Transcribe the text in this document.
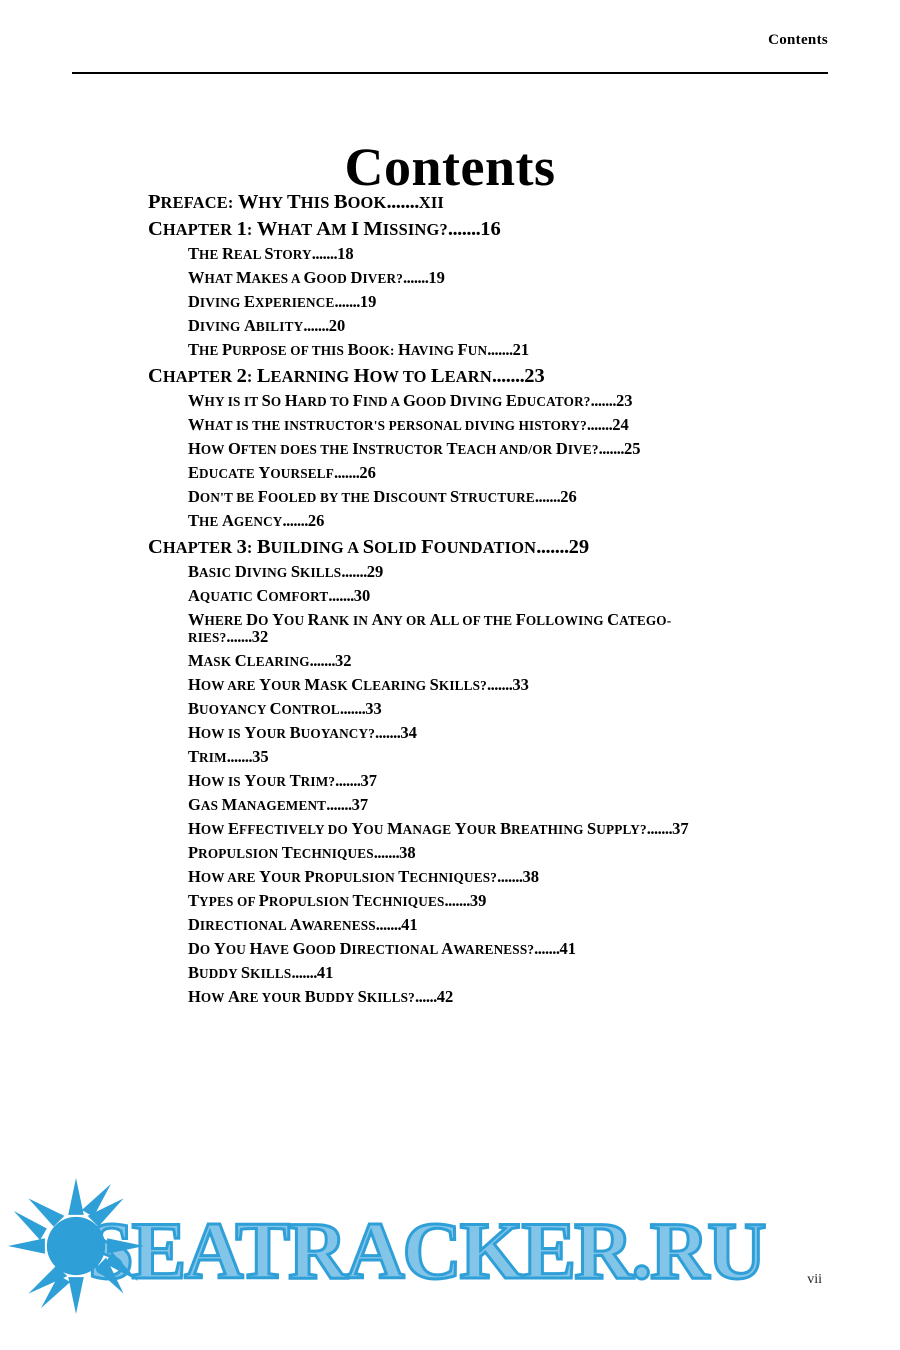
Contents
Contents
PREFACE: WHY THIS BOOK.......XII
CHAPTER 1: WHAT AM I MISSING?.......16
THE REAL STORY.......18
WHAT MAKES A GOOD DIVER?.......19
DIVING EXPERIENCE.......19
DIVING ABILITY.......20
THE PURPOSE OF THIS BOOK: HAVING FUN.......21
CHAPTER 2: LEARNING HOW TO LEARN.......23
WHY IS IT SO HARD TO FIND A GOOD DIVING EDUCATOR?.......23
WHAT IS THE INSTRUCTOR'S PERSONAL DIVING HISTORY?.......24
HOW OFTEN DOES THE INSTRUCTOR TEACH AND/OR DIVE?.......25
EDUCATE YOURSELF.......26
DON'T BE FOOLED BY THE DISCOUNT STRUCTURE.......26
THE AGENCY.......26
CHAPTER 3: BUILDING A SOLID FOUNDATION.......29
BASIC DIVING SKILLS.......29
AQUATIC COMFORT.......30
WHERE DO YOU RANK IN ANY OR ALL OF THE FOLLOWING CATEGO-RIES?.......32
MASK CLEARING.......32
HOW ARE YOUR MASK CLEARING SKILLS?.......33
BUOYANCY CONTROL.......33
HOW IS YOUR BUOYANCY?.......34
TRIM.......35
HOW IS YOUR TRIM?.......37
GAS MANAGEMENT.......37
HOW EFFECTIVELY DO YOU MANAGE YOUR BREATHING SUPPLY?.......37
PROPULSION TECHNIQUES.......38
HOW ARE YOUR PROPULSION TECHNIQUES?.......38
TYPES OF PROPULSION TECHNIQUES.......39
DIRECTIONAL AWARENESS.......41
DO YOU HAVE GOOD DIRECTIONAL AWARENESS?.......41
BUDDY SKILLS.......41
HOW ARE YOUR BUDDY SKILLS?......42
vii
SEATRACKER.RU
